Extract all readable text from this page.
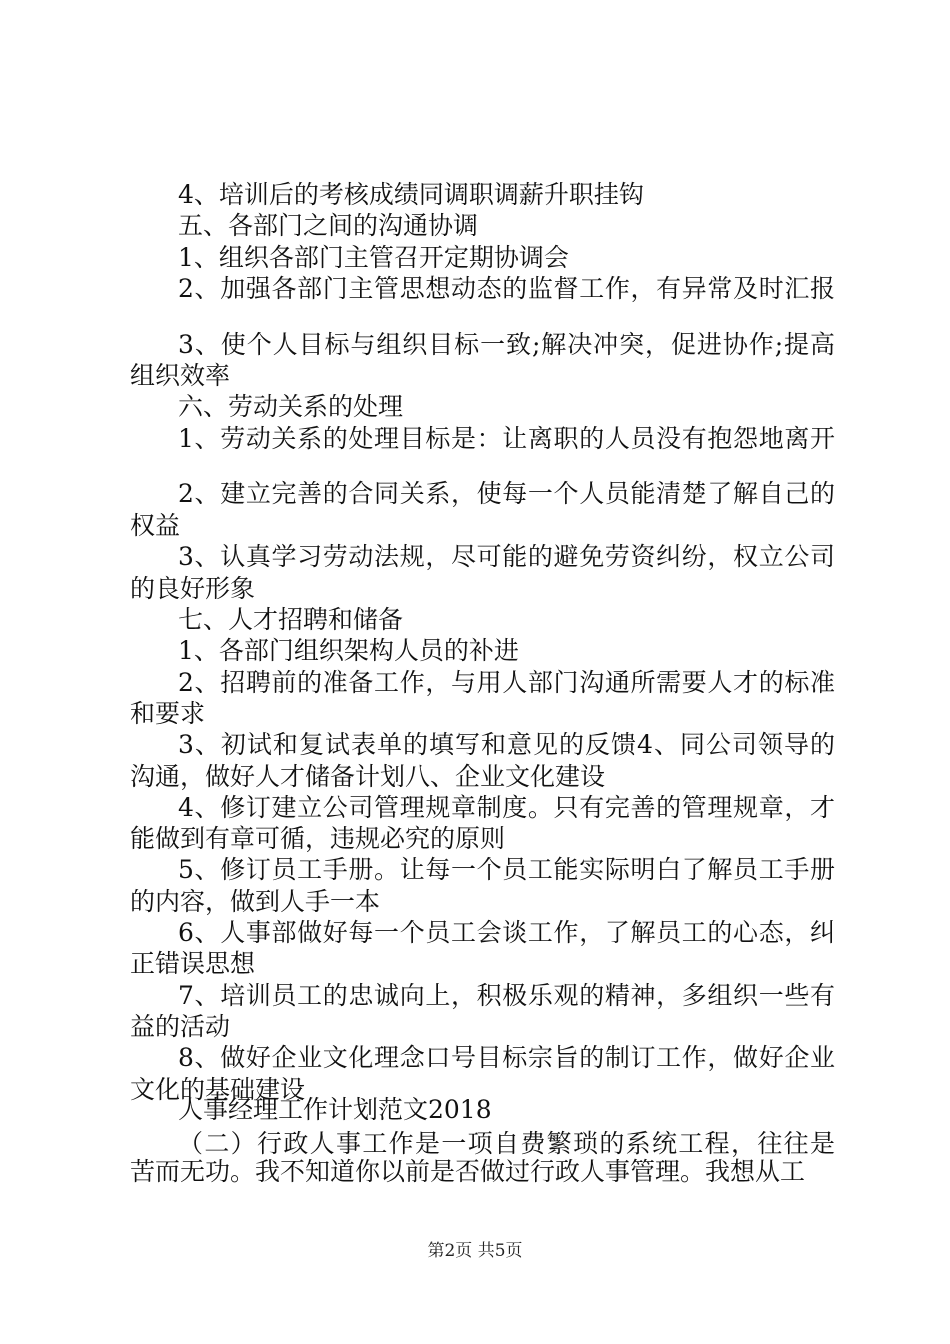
4、培训后的考核成绩同调职调薪升职挂钩
五、各部门之间的沟通协调
1、组织各部门主管召开定期协调会
2、加强各部门主管思想动态的监督工作，有异常及时汇报
3、使个人目标与组织目标一致;解决冲突，促进协作;提高
组织效率
六、劳动关系的处理
1、劳动关系的处理目标是：让离职的人员没有抱怨地离开
2、建立完善的合同关系，使每一个人员能清楚了解自己的
权益
3、认真学习劳动法规，尽可能的避免劳资纠纷，权立公司
的良好形象
七、人才招聘和储备
1、各部门组织架构人员的补进
2、招聘前的准备工作，与用人部门沟通所需要人才的标准
和要求
3、初试和复试表单的填写和意见的反馈4、同公司领导的
沟通，做好人才储备计划八、企业文化建设
4、修订建立公司管理规章制度。只有完善的管理规章，才
能做到有章可循，违规必究的原则
5、修订员工手册。让每一个员工能实际明白了解员工手册
的内容，做到人手一本
6、人事部做好每一个员工会谈工作，了解员工的心态，纠
正错误思想
7、培训员工的忠诚向上，积极乐观的精神，多组织一些有
益的活动
8、做好企业文化理念口号目标宗旨的制订工作，做好企业
文化的基础建设
人事经理工作计划范文2018
（二）行政人事工作是一项自费繁琐的系统工程，往往是
苦而无功。我不知道你以前是否做过行政人事管理。我想从工
第2页 共5页
